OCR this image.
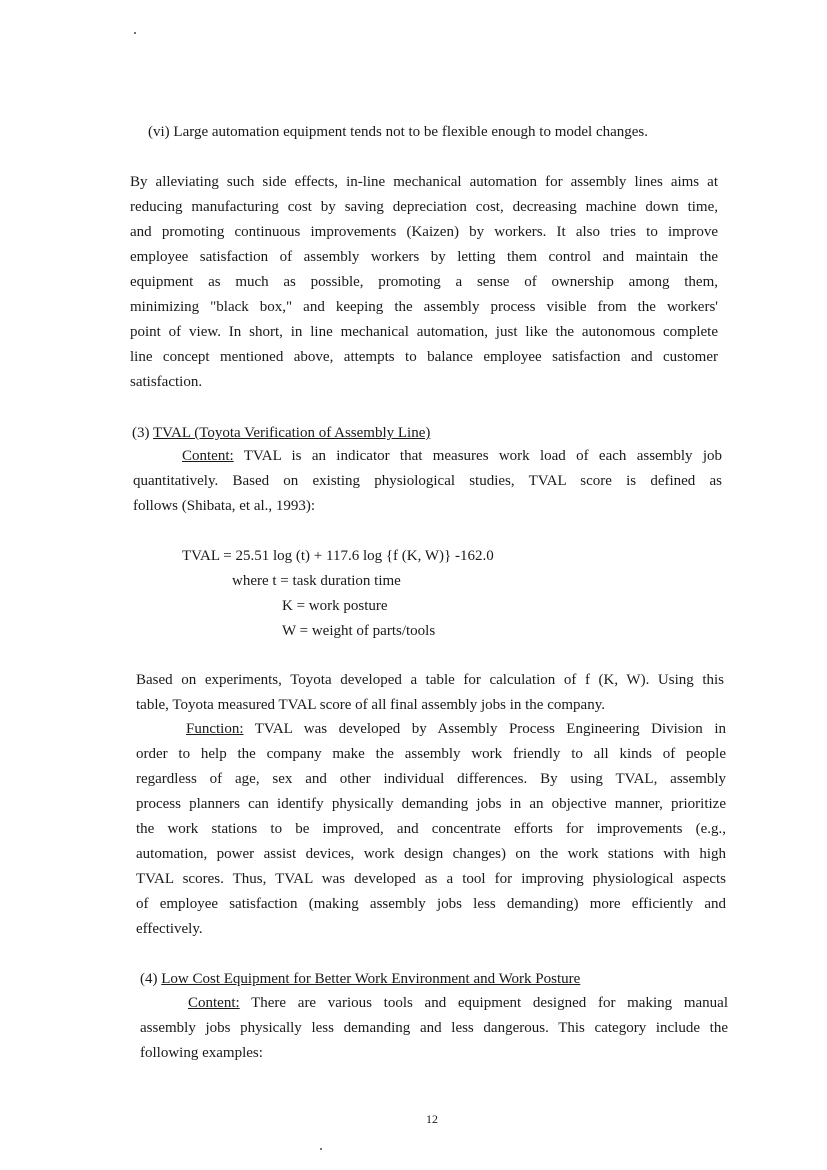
(vi) Large automation equipment tends not to be flexible enough to model changes.
By alleviating such side effects, in-line mechanical automation for assembly lines aims at
reducing manufacturing cost by saving depreciation cost, decreasing machine down time,
and promoting continuous improvements (Kaizen) by workers. It also tries to improve
employee satisfaction of assembly workers by letting them control and maintain the
equipment as much as possible, promoting a sense of ownership among them,
minimizing "black box," and keeping the assembly process visible from the workers'
point of view. In short, in line mechanical automation, just like the autonomous complete
line concept mentioned above, attempts to balance employee satisfaction and customer
satisfaction.
(3) TVAL (Toyota Verification of Assembly Line)
Content: TVAL is an indicator that measures work load of each assembly job
quantitatively. Based on existing physiological studies, TVAL score is defined as
follows (Shibata, et al., 1993):
TVAL = 25.51 log (t) + 117.6 log {f (K, W)} -162.0
where t = task duration time
K = work posture
W = weight of parts/tools
Based on experiments, Toyota developed a table for calculation of f (K, W). Using this
table, Toyota measured TVAL score of all final assembly jobs in the company.
Function: TVAL was developed by Assembly Process Engineering Division in
order to help the company make the assembly work friendly to all kinds of people
regardless of age, sex and other individual differences. By using TVAL, assembly
process planners can identify physically demanding jobs in an objective manner, prioritize
the work stations to be improved, and concentrate efforts for improvements (e.g.,
automation, power assist devices, work design changes) on the work stations with high
TVAL scores. Thus, TVAL was developed as a tool for improving physiological aspects
of employee satisfaction (making assembly jobs less demanding) more efficiently and
effectively.
(4) Low Cost Equipment for Better Work Environment and Work Posture
Content: There are various tools and equipment designed for making manual
assembly jobs physically less demanding and less dangerous. This category include the
following examples:
12
